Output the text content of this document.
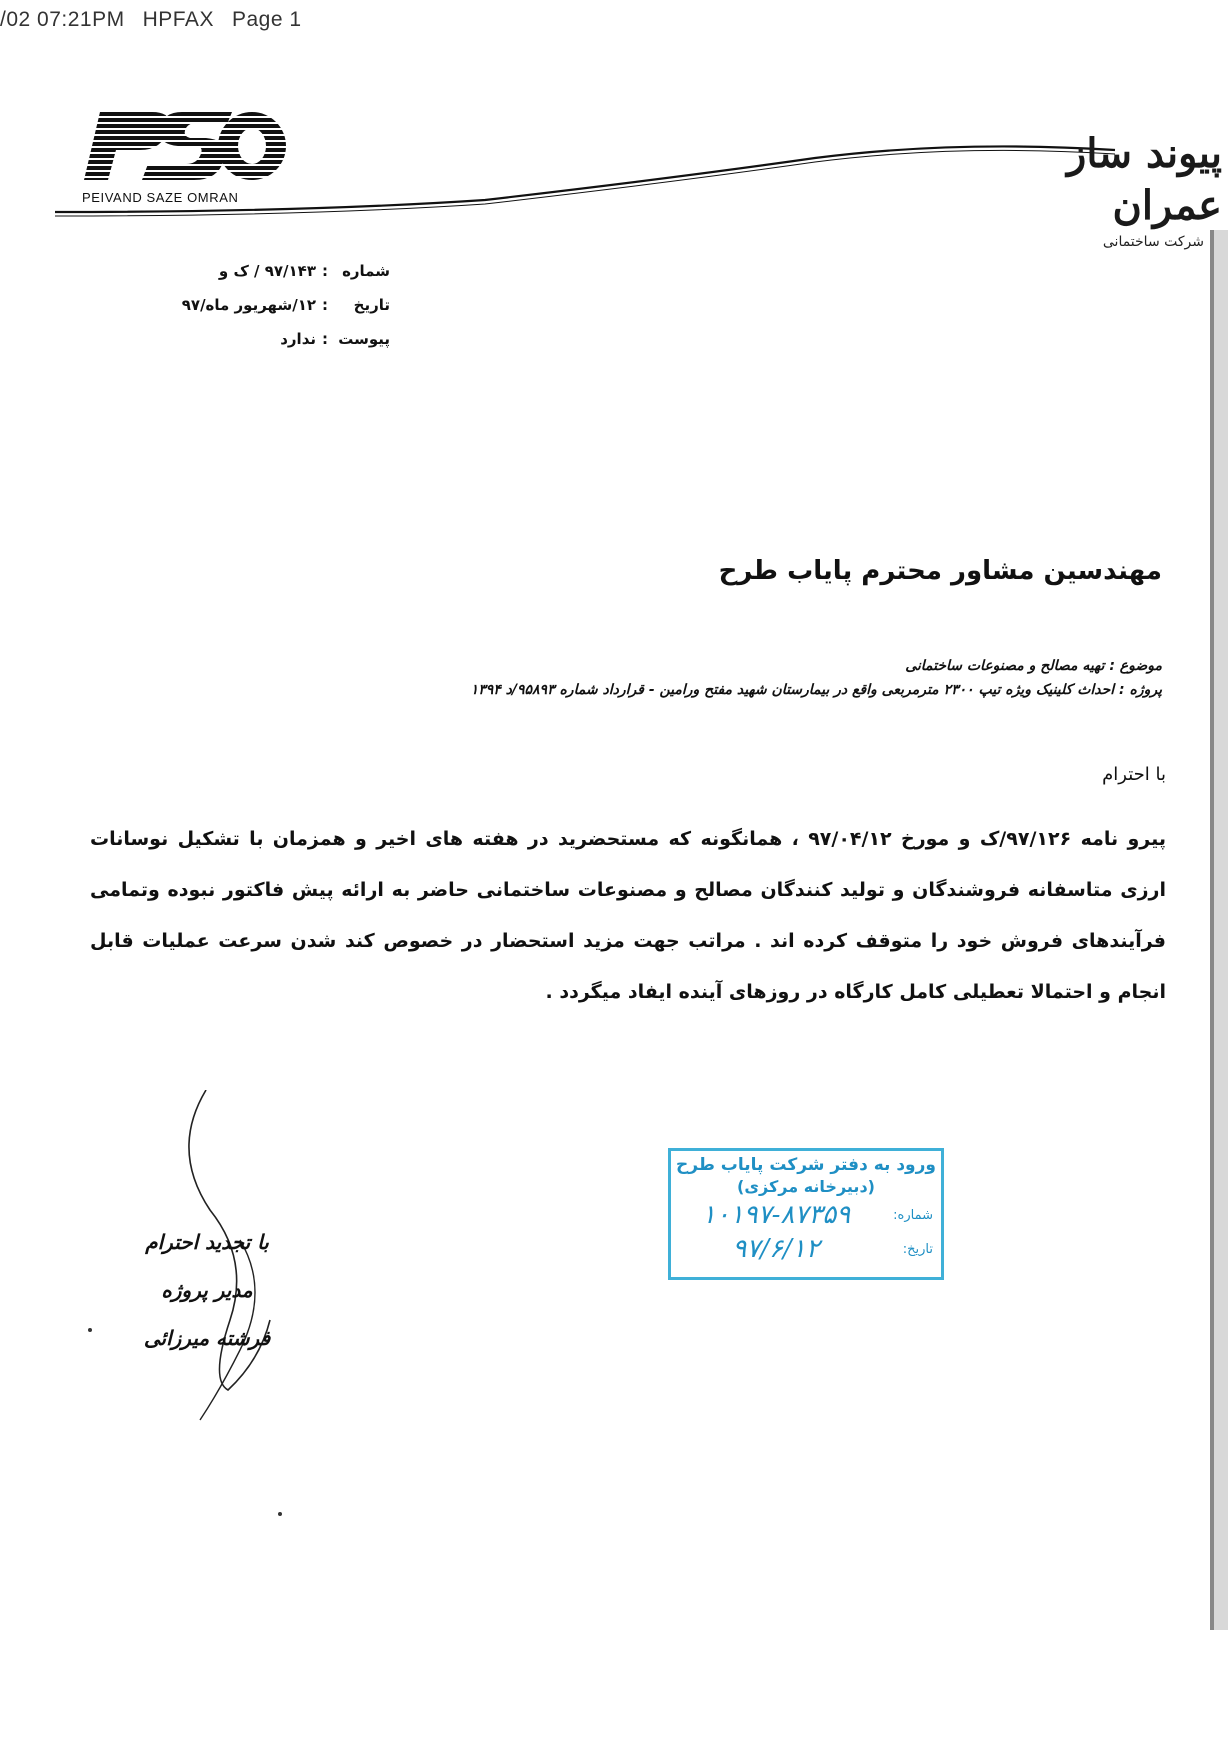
/02 07:21PM HPFAX Page 1
PEIVAND SAZE OMRAN
پیوند ساز عمران
شرکت ساختمانی
شماره:۹۷/۱۴۳ / ک و
تاریخ:۱۲/شهریور ماه/۹۷
پیوست:ندارد
مهندسین مشاور محترم پایاب طرح
موضوع : تهیه مصالح و مصنوعات ساختمانی
پروژه : احداث کلینیک ویژه تیپ ۲۳۰۰ مترمربعی واقع در بیمارستان شهید مفتح ورامین - قرارداد شماره ۹۵۸۹۳/د ۱۳۹۴
با احترام
پیرو نامه ۹۷/۱۲۶/ک و مورخ ۹۷/۰۴/۱۲ ، همانگونه که مستحضرید در هفته های اخیر و همزمان با تشکیل نوسانات ارزی متاسفانه فروشندگان و تولید کنندگان مصالح و مصنوعات ساختمانی حاضر به ارائه پیش فاکتور نبوده وتمامی فرآیندهای فروش خود را متوقف کرده اند . مراتب جهت مزید استحضار در خصوص کند شدن سرعت عملیات قابل انجام و احتمالا تعطیلی کامل کارگاه در روزهای آینده ایفاد میگردد .
با تجدید احترام
مدیر پروژه
فرشته میرزائی
ورود به دفتر شرکت پایاب طرح
(دبیرخانه مرکزی)
شماره:
۱۰۱۹۷-۸۷۳۵۹
تاریخ:
۹۷/۶/۱۲
